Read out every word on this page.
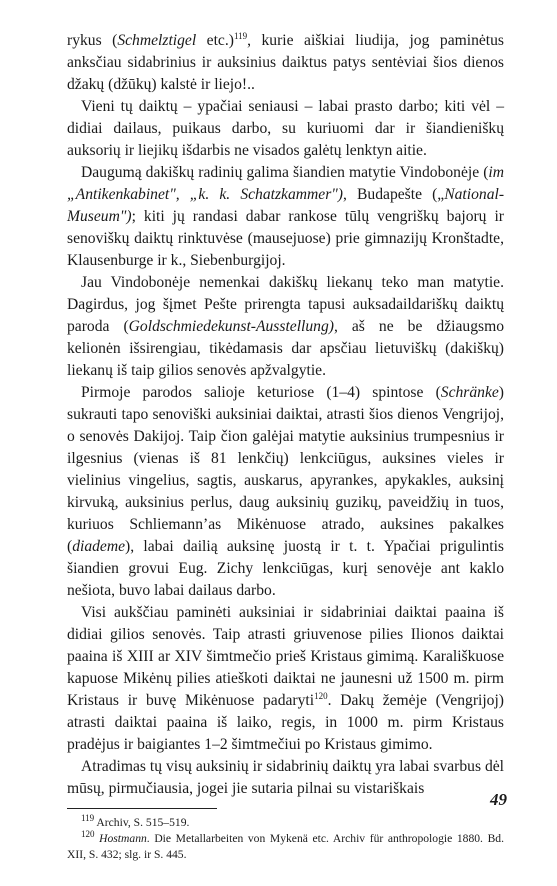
rykus (Schmelztigel etc.)$^{119}$, kurie aiškiai liudija, jog paminėtus anksčiau sidabrinius ir auksinius daiktus patys sentėviai šios dienos džakų (džūkų) kalstė ir liejo!..

Vieni tų daiktų – ypačiai seniausi – labai prasto darbo; kiti vėl – didiai dailaus, puikaus darbo, su kuriuomi dar ir šiandieniškų auksorių ir liejikų išdarbis ne visados galėtų lenktyn aitie.

Daugumą dakiškų radinių galima šiandien matytie Vindobonėje (im „Antikenkabinet", „k. k. Schatzkammer"), Budapešte („National-Museum"); kiti jų randasi dabar rankose tūlų vengriškų bajorų ir senoviškų daiktų rinktuvėse (mausejuose) prie gimnazijų Kronštadte, Klausenburge ir k., Siebenburgijoj.

Jau Vindobonėje nemenkai dakiškų liekanų teko man matytie. Dagirdus, jog šįmet Pešte prirengta tapusi auksadaildariškų daiktų paroda (Goldschmiedekunst-Ausstellung), aš ne be džiaugsmo kelionėn išsirengiau, tikėdamasis dar apsčiau lietuviškų (dakiškų) liekanų iš taip gilios senovės apžvalgytie.

Pirmoje parodos salioje keturiose (1–4) spintose (Schränke) sukrauti tapo senoviški auksiniai daiktai, atrasti šios dienos Vengrijoj, o senovės Dakijoj. Taip čion galėjai matytie auksinius trumpesnius ir ilgesnius (vienas iš 81 lenkčių) lenkciūgus, auksines vieles ir vielinius vingelius, sagtis, auskarus, apyrankes, apykakles, auksinį kirvuką, auksinius perlus, daug auksinių guzikų, paveidžių in tuos, kuriuos Schliemann’as Mikėnuose atrado, auksines pakalkes (diademe), labai dailią auksinę juostą ir t. t. Ypačiai prigulintis šiandien grovui Eug. Zichy lenkciūgas, kurį senovėje ant kaklo nešiota, buvo labai dailaus darbo.

Visi aukščiau paminėti auksiniai ir sidabriniai daiktai paaina iš didiai gilios senovės. Taip atrasti griuvenose pilies Ilionos daiktai paaina iš XIII ar XIV šimtmečio prieš Kristaus gimimą. Karališkuose kapuose Mikėnų pilies atieškoti daiktai ne jaunesni už 1500 m. pirm Kristaus ir buvę Mikėnuose padaryti$^{120}$. Dakų žemėje (Vengrijoj) atrasti daiktai paaina iš laiko, regis, in 1000 m. pirm Kristaus pradėjus ir baigiantes 1–2 šimtmečiui po Kristaus gimimo.

Atradimas tų visų auksinių ir sidabrinių daiktų yra labai svarbus dėl mūsų, pirmučiausia, jogei jie sutaria pilnai su vistariškais

$^{119}$ Archiv, S. 515–519.

$^{120}$ Hostmann. Die Metallarbeiten von Mykenä etc. Archiv für anthropologie 1880. Bd. XII, S. 432; slg. ir S. 445.

49
